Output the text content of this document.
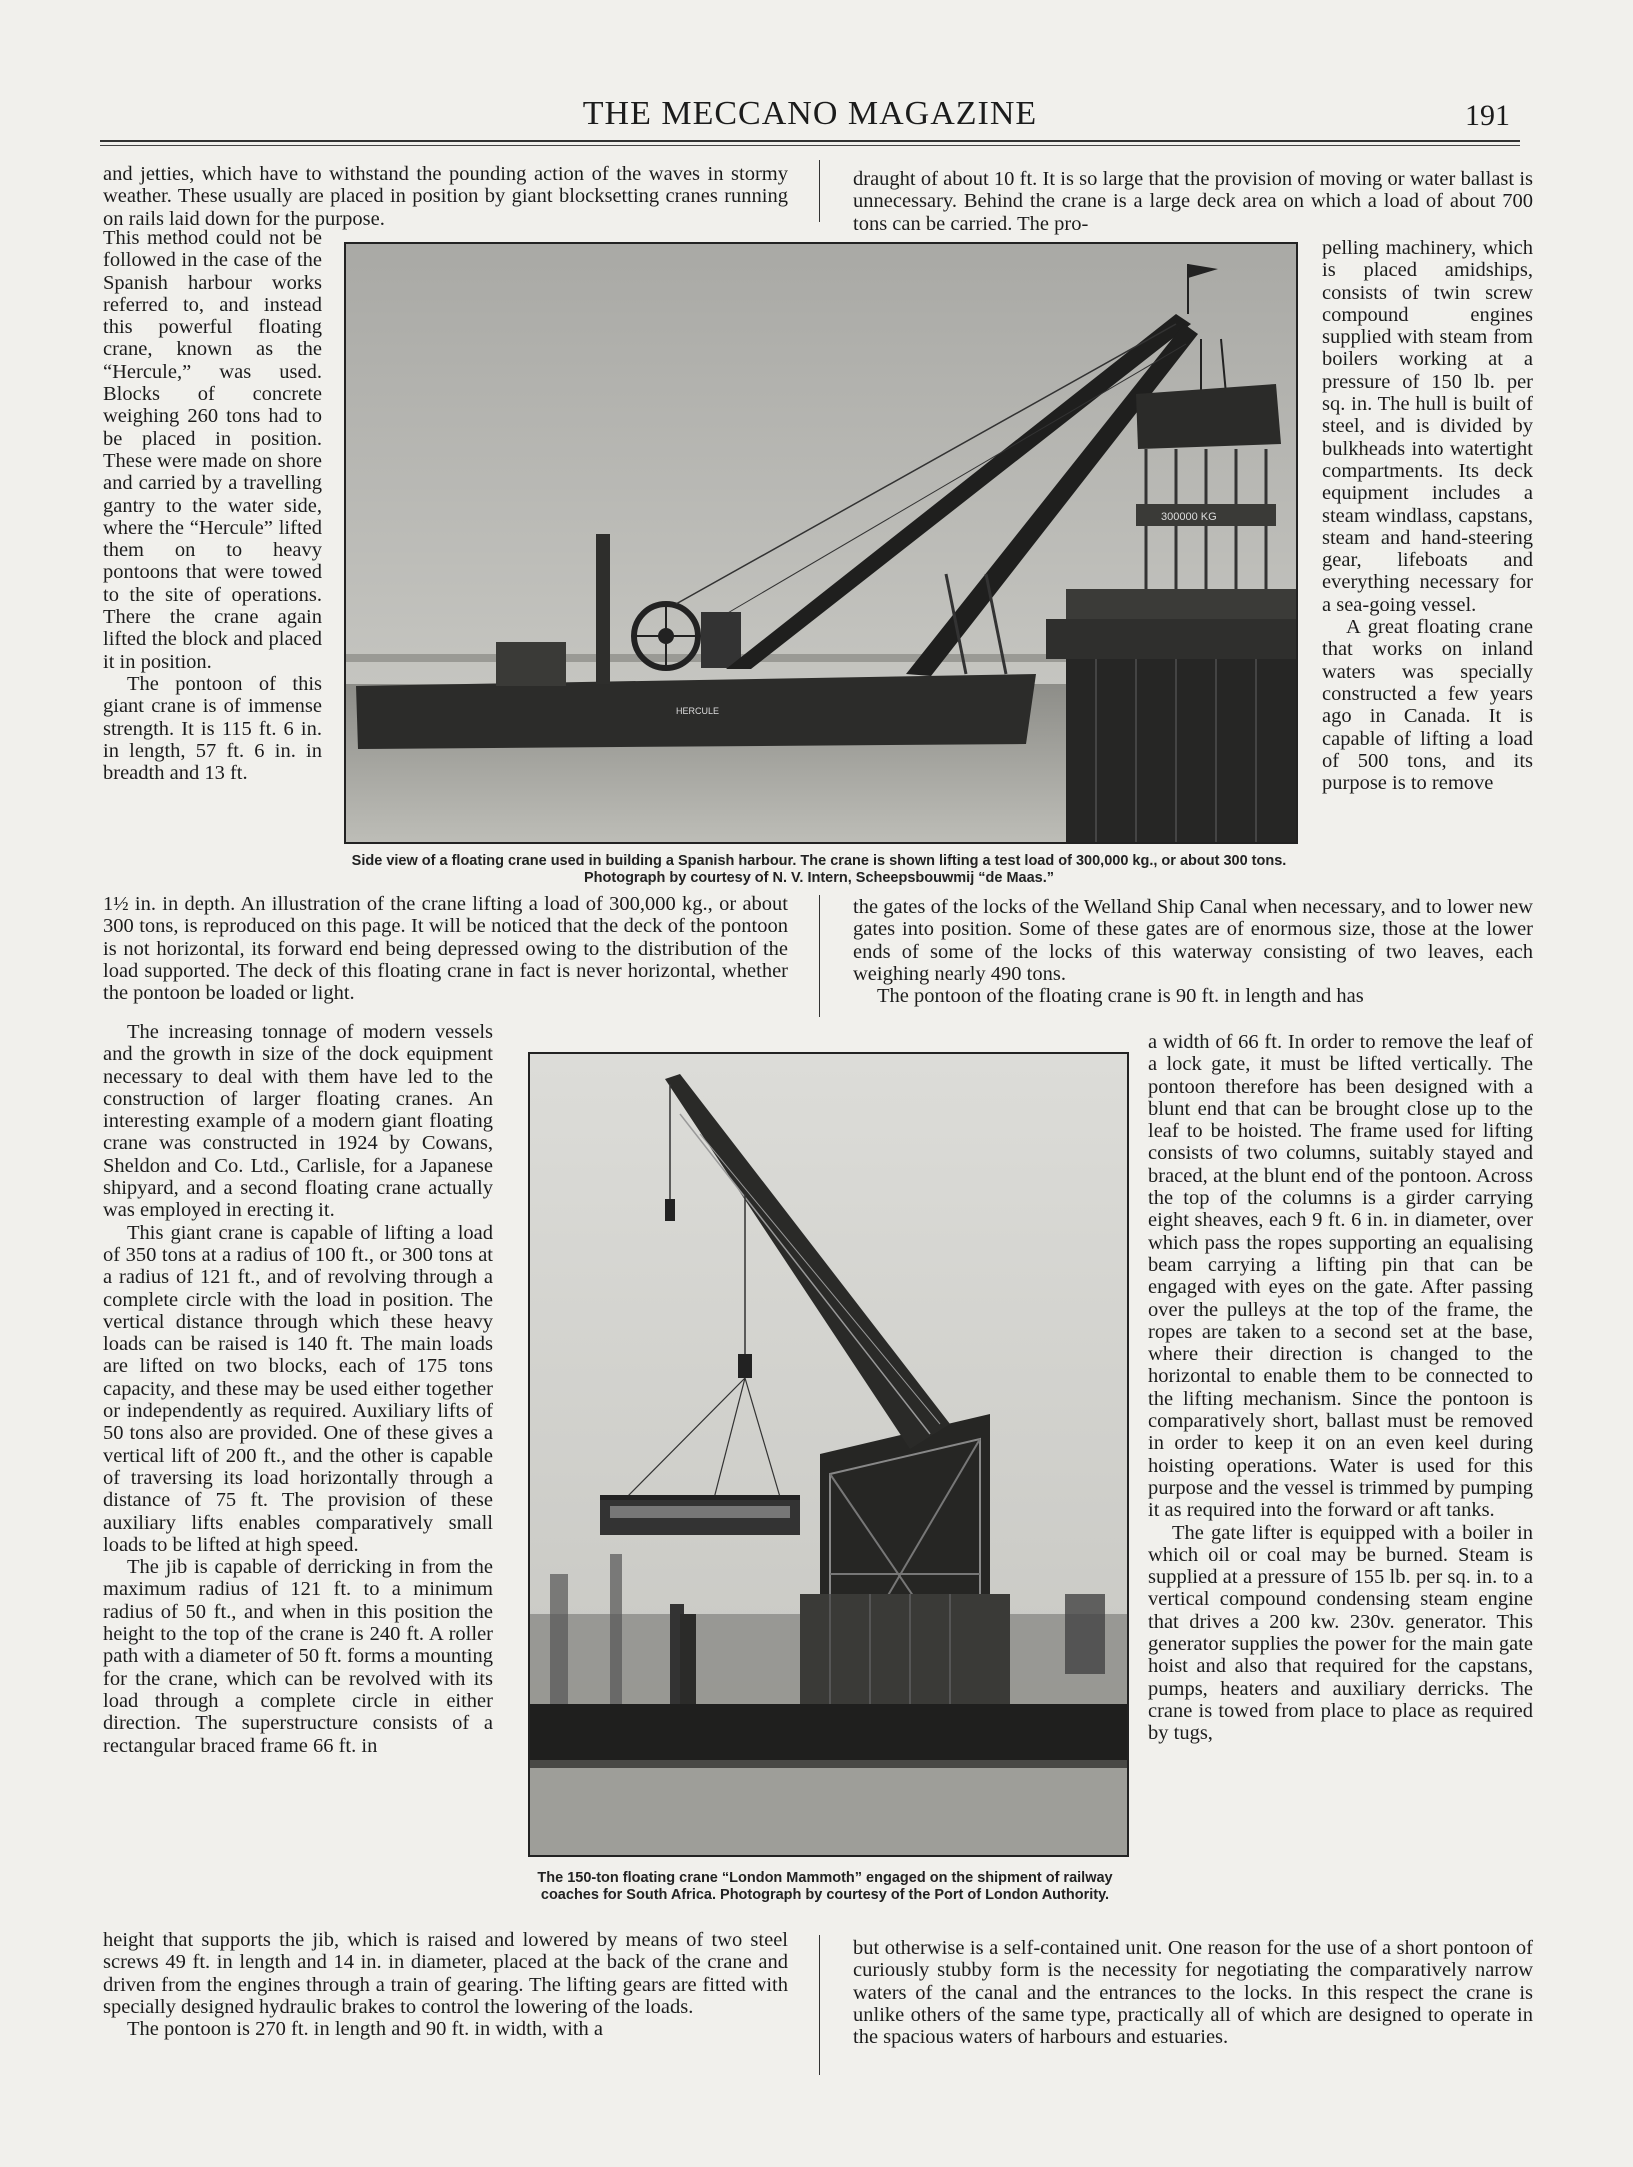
THE MECCANO MAGAZINE	191

and jetties, which have to withstand the pounding action of the waves in stormy weather. These usually are placed in position by giant blocksetting cranes running on rails laid down for the purpose.

draught of about 10 ft. It is so large that the provision of moving or water ballast is unnecessary. Behind the crane is a large deck area on which a load of about 700 tons can be carried. The pro-

This method could not be followed in the case of the Spanish harbour works referred to, and instead this powerful floating crane, known as the “Hercule,” was used. Blocks of concrete weighing 260 tons had to be placed in position. These were made on shore and carried by a travelling gantry to the water side, where the “Hercule” lifted them on to heavy pontoons that were towed to the site of operations. There the crane again lifted the block and placed it in position.

The pontoon of this giant crane is of immense strength. It is 115 ft. 6 in. in length, 57 ft. 6 in. in breadth and 13 ft.

pelling machinery, which is placed amidships, consists of twin screw compound engines supplied with steam from boilers working at a pressure of 150 lb. per sq. in. The hull is built of steel, and is divided by bulkheads into watertight compartments. Its deck equipment includes a steam windlass, capstans, steam and hand-steering gear, lifeboats and everything necessary for a sea-going vessel.

A great floating crane that works on inland waters was specially constructed a few years ago in Canada. It is capable of lifting a load of 500 tons, and its purpose is to remove

HERCULE
300000 KG
Side view of a floating crane used in building a Spanish harbour. The crane is shown lifting a test load of 300,000 kg., or about 300 tons. Photograph by courtesy of N. V. Intern, Scheepsbouwmij “de Maas.”

1½ in. in depth. An illustration of the crane lifting a load of 300,000 kg., or about 300 tons, is reproduced on this page. It will be noticed that the deck of the pontoon is not horizontal, its forward end being depressed owing to the distribution of the load supported. The deck of this floating crane in fact is never horizontal, whether the pontoon be loaded or light.

the gates of the locks of the Welland Ship Canal when necessary, and to lower new gates into position. Some of these gates are of enormous size, those at the lower ends of some of the locks of this waterway consisting of two leaves, each weighing nearly 490 tons.

The pontoon of the floating crane is 90 ft. in length and has

The increasing tonnage of modern vessels and the growth in size of the dock equipment necessary to deal with them have led to the construction of larger floating cranes. An interesting example of a modern giant floating crane was constructed in 1924 by Cowans, Sheldon and Co. Ltd., Carlisle, for a Japanese shipyard, and a second floating crane actually was employed in erecting it.

This giant crane is capable of lifting a load of 350 tons at a radius of 100 ft., or 300 tons at a radius of 121 ft., and of revolving through a complete circle with the load in position. The vertical distance through which these heavy loads can be raised is 140 ft. The main loads are lifted on two blocks, each of 175 tons capacity, and these may be used either together or independently as required. Auxiliary lifts of 50 tons also are provided. One of these gives a vertical lift of 200 ft., and the other is capable of traversing its load horizontally through a distance of 75 ft. The provision of these auxiliary lifts enables comparatively small loads to be lifted at high speed.

The jib is capable of derricking in from the maximum radius of 121 ft. to a minimum radius of 50 ft., and when in this position the height to the top of the crane is 240 ft. A roller path with a diameter of 50 ft. forms a mounting for the crane, which can be revolved with its load through a complete circle in either direction. The superstructure consists of a rectangular braced frame 66 ft. in

a width of 66 ft. In order to remove the leaf of a lock gate, it must be lifted vertically. The pontoon therefore has been designed with a blunt end that can be brought close up to the leaf to be hoisted. The frame used for lifting consists of two columns, suitably stayed and braced, at the blunt end of the pontoon. Across the top of the columns is a girder carrying eight sheaves, each 9 ft. 6 in. in diameter, over which pass the ropes supporting an equalising beam carrying a lifting pin that can be engaged with eyes on the gate. After passing over the pulleys at the top of the frame, the ropes are taken to a second set at the base, where their direction is changed to the horizontal to enable them to be connected to the lifting mechanism. Since the pontoon is comparatively short, ballast must be removed in order to keep it on an even keel during hoisting operations. Water is used for this purpose and the vessel is trimmed by pumping it as required into the forward or aft tanks.

The gate lifter is equipped with a boiler in which oil or coal may be burned. Steam is supplied at a pressure of 155 lb. per sq. in. to a vertical compound condensing steam engine that drives a 200 kw. 230v. generator. This generator supplies the power for the main gate hoist and also that required for the capstans, pumps, heaters and auxiliary derricks. The crane is towed from place to place as required by tugs,

The 150-ton floating crane “London Mammoth” engaged on the shipment of railway coaches for South Africa. Photograph by courtesy of the Port of London Authority.

height that supports the jib, which is raised and lowered by means of two steel screws 49 ft. in length and 14 in. in diameter, placed at the back of the crane and driven from the engines through a train of gearing. The lifting gears are fitted with specially designed hydraulic brakes to control the lowering of the loads.

The pontoon is 270 ft. in length and 90 ft. in width, with a

but otherwise is a self-contained unit. One reason for the use of a short pontoon of curiously stubby form is the necessity for negotiating the comparatively narrow waters of the canal and the entrances to the locks. In this respect the crane is unlike others of the same type, practically all of which are designed to operate in the spacious waters of harbours and estuaries.
